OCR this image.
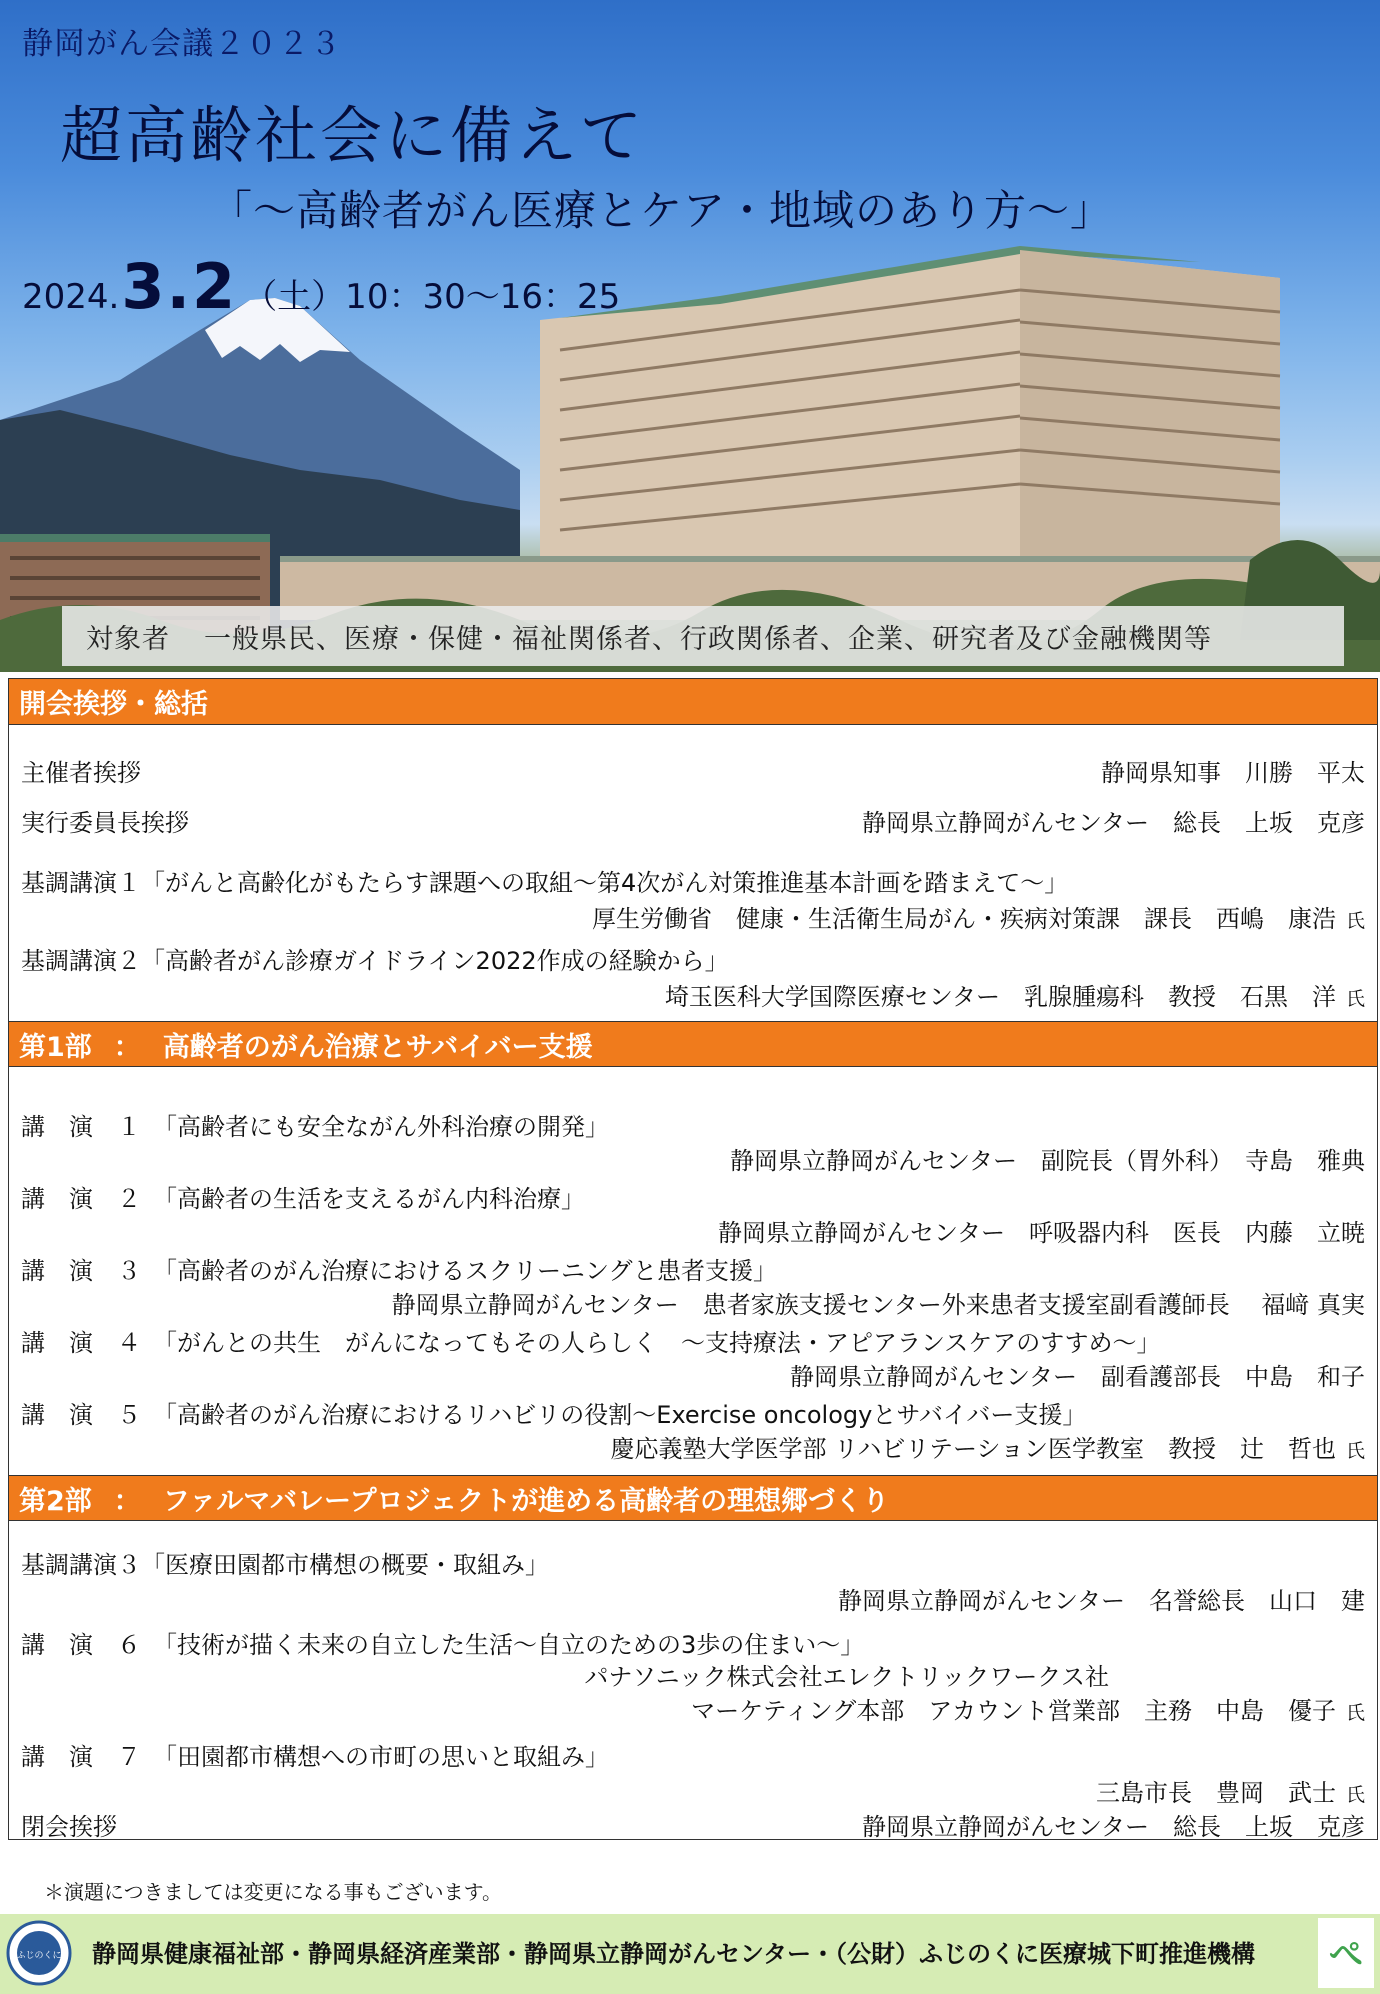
静岡がん会議２０２３
超高齢社会に備えて
「～高齢者がん医療とケア・地域のあり方～」
2024. 3.2 （土）10：30～16：25
対象者 一般県民、医療・保健・福祉関係者、行政関係者、企業、研究者及び金融機関等
開会挨拶・総括
主催者挨拶	静岡県知事　川勝　平太
実行委員長挨拶	静岡県立静岡がんセンター　総長　上坂　克彦
基調講演１「がんと高齢化がもたらす課題への取組～第4次がん対策推進基本計画を踏まえて～」
厚生労働省　健康・生活衛生局がん・疾病対策課　課長　西嶋　康浩 氏
基調講演２「高齢者がん診療ガイドライン2022作成の経験から」
埼玉医科大学国際医療センター　乳腺腫瘍科　教授　石黒　洋 氏
第1部 ： 高齢者のがん治療とサバイバー支援
講　演　１　「高齢者にも安全ながん外科治療の開発」
静岡県立静岡がんセンター　副院長（胃外科）　寺島　雅典
講　演　２　「高齢者の生活を支えるがん内科治療」
静岡県立静岡がんセンター　呼吸器内科　医長　内藤　立暁
講　演　３　「高齢者のがん治療におけるスクリーニングと患者支援」
静岡県立静岡がんセンター　患者家族支援センター外来患者支援室副看護師長　 福﨑 真実
講　演　４　「がんとの共生　がんになってもその人らしく　～支持療法・アピアランスケアのすすめ～」
静岡県立静岡がんセンター　副看護部長　中島　和子
講　演　５　「高齢者のがん治療におけるリハビリの役割～Exercise oncologyとサバイバー支援」
慶応義塾大学医学部 リハビリテーション医学教室　教授　辻　哲也 氏
第2部 ： ファルマバレープロジェクトが進める高齢者の理想郷づくり
基調講演３「医療田園都市構想の概要・取組み」
静岡県立静岡がんセンター　名誉総長　山口　建
講　演　６　「技術が描く未来の自立した生活～自立のための3歩の住まい～」
パナソニック株式会社エレクトリックワークス社
マーケティング本部　アカウント営業部　主務　中島　優子 氏
講　演　７　「田園都市構想への市町の思いと取組み」
三島市長　豊岡　武士 氏
閉会挨拶	静岡県立静岡がんセンター　総長　上坂　克彦
＊演題につきましては変更になる事もございます。
ふじのくに 静岡県健康福祉部・静岡県経済産業部・静岡県立静岡がんセンター・（公財）ふじのくに医療城下町推進機構 ぺ
